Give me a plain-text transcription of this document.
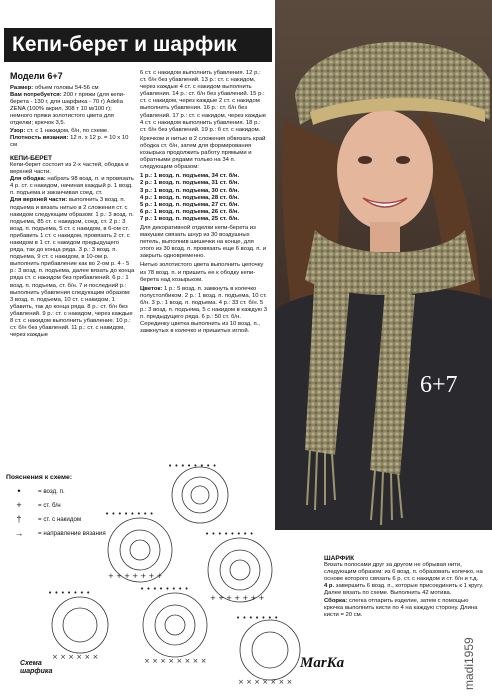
Кепи-берет и шарфик

Модели 6+7

Размер: объем головы 54-56 см

Вам потребуется: 200 г пряжи (для кепи-берета - 130 г, для шарфика - 70 г) Adelia ZENA (100% акрил, 308 т 10 м/100 г); немного пряжи золотистого цвета для отделки; крючок 3,5.

Узор: ст. с 1 накидом, б/н, по схеме.

Плотность вязания: 12 п. х 12 р. = 10 х 10 см

КЕПИ-БЕРЕТ

Кепи-берет состоит из 2-х частей, ободка и верхней части.

Для ободка: набрать 98 возд. п. и провязать 4 р. ст. с накидом, начиная каждый р. 1 возд. п. подъема и заканчивая соед. ст.

Для верхней части: выполнить 3 возд. п. подъема и вязать нитью в 2 сложения ст. с накидом следующим образом: 1 р.: 3 возд. п. подъема, 85 ст. с накидом, соед. ст. 2 р.: 3 возд. п. подъема, 5 ст. с накидом, в 6-ом ст. прибавить 1 ст. с накидом, провязать 2 ст. с накидом в 1 ст. с накидом предыдущего ряда, так до конца ряда. 3 р.: 3 возд. п. подъема, 9 ст. с накидом, в 10-ом р. выполнить прибавление как во 2-ом р. 4 - 5 р.: 3 возд. п. подъема, далее вязать до конца ряда ст. с накидом без прибавлений. 6 р.: 1 возд. п. подъема, ст. б/н. 7 и последний р.: выполнить убавления следующим образом: 3 возд. п. подъема, 10 ст. с накидом, 1 убавить, так до конца ряда. 8 р.: ст. б/н без убавлений. 9 р.: ст. с накидом, через каждые 8 ст. с накидом выполнить убавление. 10 р.: ст. б/н без убавлений. 11 р.: ст. с накидом, через каждые

6 ст. с накидом выполнить убавления. 12 р.: ст. б/н без убавлений. 13 р.: ст. с накидом, через каждые 4 ст. с накидом выполнить убавления. 14 р.: ст. б/н без убавлений. 15 р.: ст. с накидом, через каждые 2 ст. с накидом выполнить убавления. 16 р.: ст. б/н без убавлений. 17 р.: ст. с накидом, через каждые 4 ст. с накидом выполнить убавления. 18 р.: ст. б/н без убавлений. 19 р.: б ст. с накидом.

Крючком и нитью в 2 сложения обвязать край ободка ст. б/н, затем для формирования козырька продолжить работу прямыми и обратными рядами только на 34 п. следующим образом:

1 р.: 1 возд. п. подъема, 34 ст. б/н.

2 р.: 1 возд. п. подъема, 31 ст. б/н.

3 р.: 1 возд. п. подъема, 30 ст. б/н.

4 р.: 1 возд. п. подъема, 28 ст. б/н.

5 р.: 1 возд. п. подъема, 27 ст. б/н.

6 р.: 1 возд. п. подъема, 26 ст. б/н.

7 р.: 1 возд. п. подъема, 25 ст. б/н.

Для декоративной отделки кепи-берета из макушки связать шнур из 30 воздушных петель, выполнив шишечки на конце, для этого из 30 возд. п. провязать еще 6 возд. п. и закрыть одновременно.

Нитью золотистого цвета выполнить цепочку из 78 возд. п. и пришить ее к ободку кепи-берета над козырьком.

Цветок: 1 р.: 5 возд. п. замкнуть в колечко полустолбиком. 2 р.: 1 возд. п. подъема, 10 ст. б/н. 3 р.: 1 возд. п. подъема. 4 р.: 33 ст. б/н. 5 р.: 3 возд. п. подъема, 5 с накидом в каждую 3 п. предыдущего ряда. 6 р.: 50 ст. б/н. Серединку цветка выполнить из 10 возд. п., замкнутых в колечко и пришитых иглой.

6+7
• • • • • • • •
• • • • • • • •
• • • • • • • •
• • • • • • • •
• • • • • • •
• • • • • • •
× × × × × × × ×
× × × × × ×
× × × × × × ×
+ + + + + + +
+ + + + + + +

Пояснения к схеме:

•	= возд. п.
+	= ст. б/н
†	= ст. с накидом
→	= направление вязания
Схема
шарфика

ШАРФИК

Вязать полосами друг за другом не обрывая нити, следующим образом: из 6 возд. п. образовать колечко, на основе которого связать 6 р. ст. с накидом и ст. б/н и т.д.

4 р. завершить 6 возд. п., которые присоединить к 1 кругу. Далее вязать по схеме. Выполнить 42 мотива.

Сборка: слегка отпарить изделие, затем с помощью крючка выполнить кисти по 4 на каждую сторону. Длина кисти = 20 см.

MarKa	madi1959
